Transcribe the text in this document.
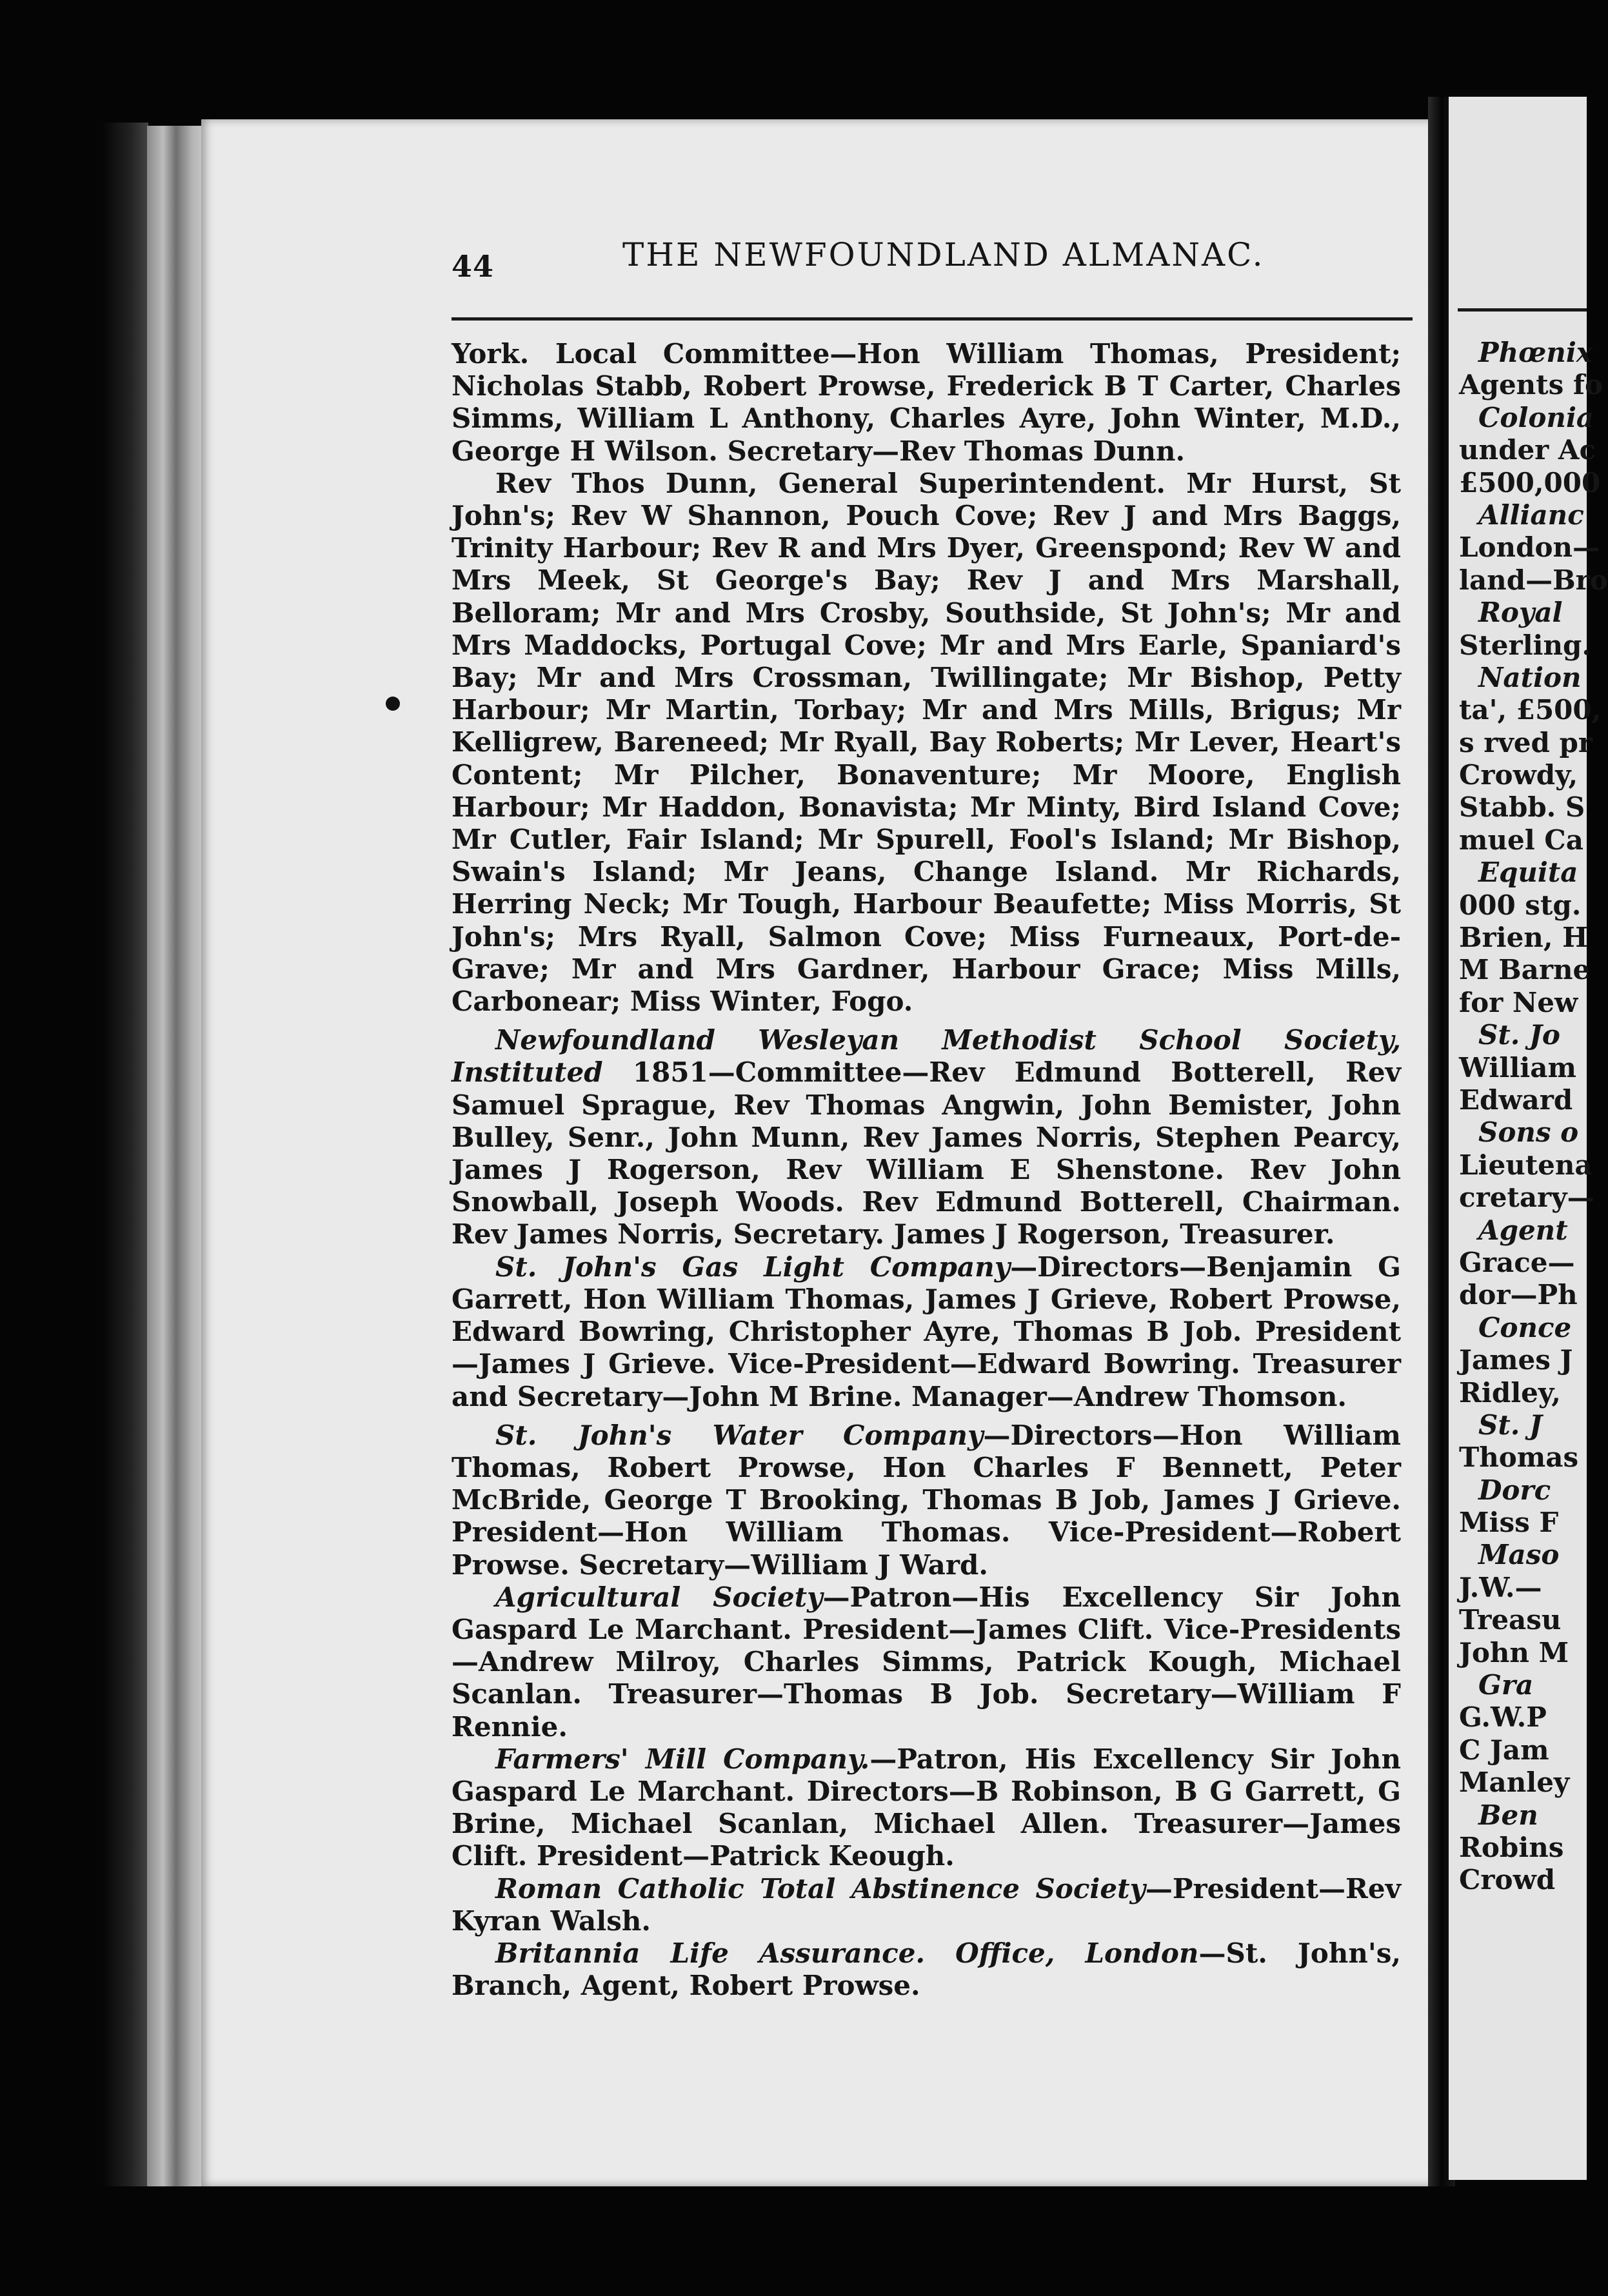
44	THE NEWFOUNDLAND ALMANAC.

York. Local Committee—Hon William Thomas, President; Nicholas Stabb, Robert Prowse, Frederick B T Carter, Charles Simms, William L Anthony, Charles Ayre, John Winter, M.D., George H Wilson. Secretary—Rev Thomas Dunn.

Rev Thos Dunn, General Superintendent. Mr Hurst, St John's; Rev W Shannon, Pouch Cove; Rev J and Mrs Baggs, Trinity Harbour; Rev R and Mrs Dyer, Greenspond; Rev W and Mrs Meek, St George's Bay; Rev J and Mrs Marshall, Belloram; Mr and Mrs Crosby, Southside, St John's; Mr and Mrs Maddocks, Portugal Cove; Mr and Mrs Earle, Spaniard's Bay; Mr and Mrs Crossman, Twillingate; Mr Bishop, Petty Harbour; Mr Martin, Torbay; Mr and Mrs Mills, Brigus; Mr Kelligrew, Bareneed; Mr Ryall, Bay Roberts; Mr Lever, Heart's Content; Mr Pilcher, Bonaventure; Mr Moore, English Harbour; Mr Haddon, Bonavista; Mr Minty, Bird Island Cove; Mr Cutler, Fair Island; Mr Spurell, Fool's Island; Mr Bishop, Swain's Island; Mr Jeans, Change Island. Mr Richards, Herring Neck; Mr Tough, Harbour Beaufette; Miss Morris, St John's; Mrs Ryall, Salmon Cove; Miss Furneaux, Port-de-Grave; Mr and Mrs Gardner, Harbour Grace; Miss Mills, Carbonear; Miss Winter, Fogo.

Newfoundland Wesleyan Methodist School Society, Instituted 1851—Committee—Rev Edmund Botterell, Rev Samuel Sprague, Rev Thomas Angwin, John Bemister, John Bulley, Senr., John Munn, Rev James Norris, Stephen Pearcy, James J Rogerson, Rev William E Shenstone. Rev John Snowball, Joseph Woods. Rev Edmund Botterell, Chairman. Rev James Norris, Secretary. James J Rogerson, Treasurer.

St. John's Gas Light Company—Directors—Benjamin G Garrett, Hon William Thomas, James J Grieve, Robert Prowse, Edward Bowring, Christopher Ayre, Thomas B Job. President—James J Grieve. Vice-President—Edward Bowring. Treasurer and Secretary—John M Brine. Manager—Andrew Thomson.

St. John's Water Company—Directors—Hon William Thomas, Robert Prowse, Hon Charles F Bennett, Peter McBride, George T Brooking, Thomas B Job, James J Grieve. President—Hon William Thomas. Vice-President—Robert Prowse. Secretary—William J Ward.

Agricultural Society—Patron—His Excellency Sir John Gaspard Le Marchant. President—James Clift. Vice-Presidents—Andrew Milroy, Charles Simms, Patrick Kough, Michael Scanlan. Treasurer—Thomas B Job. Secretary—William F Rennie.

Farmers' Mill Company.—Patron, His Excellency Sir John Gaspard Le Marchant. Directors—B Robinson, B G Garrett, G Brine, Michael Scanlan, Michael Allen. Treasurer—James Clift. President—Patrick Keough.

Roman Catholic Total Abstinence Society—President—Rev Kyran Walsh.

Britannia Life Assurance. Office, London—St. John's, Branch, Agent, Robert Prowse.

Phœnix
Agents fo
Colonia
under Ac
£500,000
Allianc
London—
land—Bro
Royal
Sterling.
Nation
ta', £500,
s rved pr
Crowdy,
Stabb. S
muel Ca
Equita
000 stg.
Brien, H
M Barne
for New
St. Jo
William
Edward
Sons o
Lieutena
cretary—
Agent
Grace—
dor—Ph
Conce
James J
Ridley,
St. J
Thomas
Dorc
Miss F
Maso
J.W.—
Treasu
John M
Gra
G.W.P
C Jam
Manley
Ben
Robins
Crowd
